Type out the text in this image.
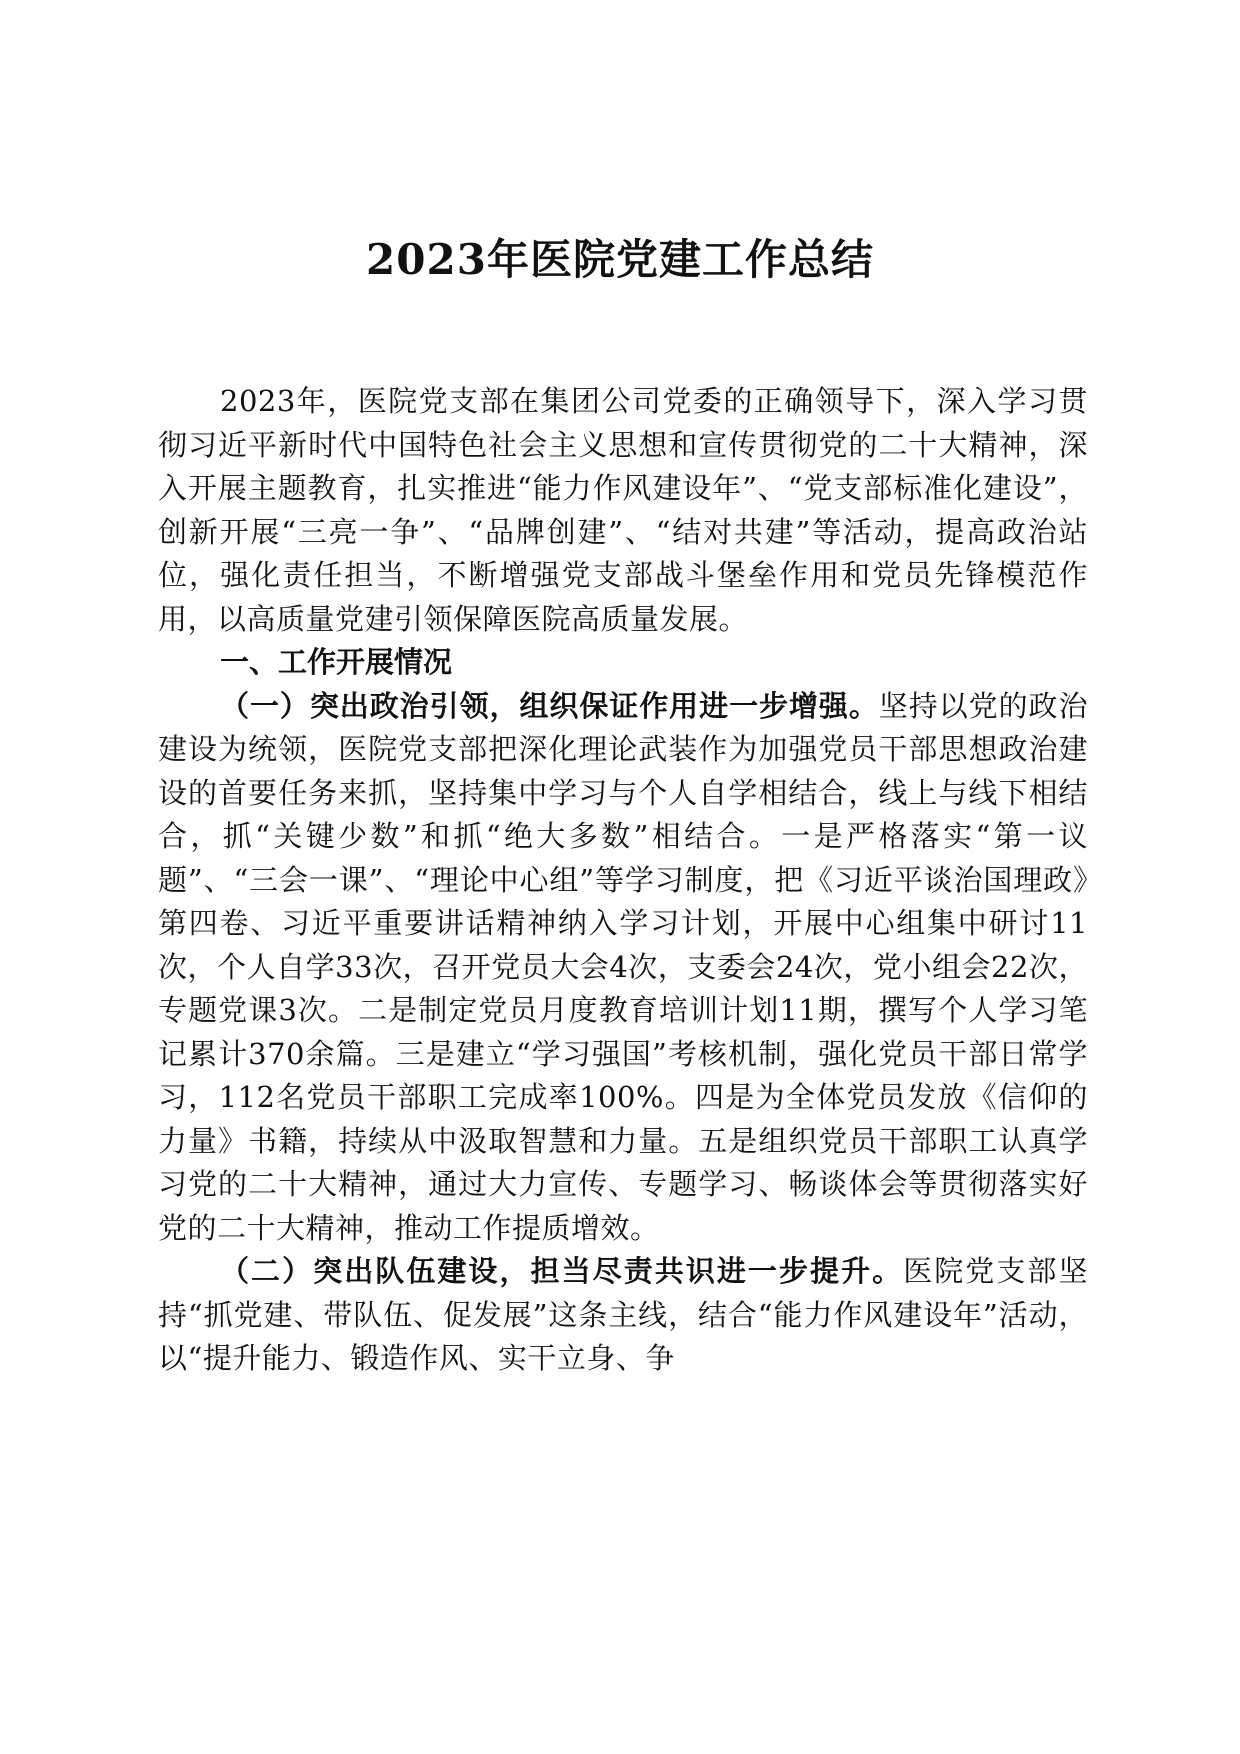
2023年医院党建工作总结

2023年，医院党支部在集团公司党委的正确领导下，深入学习贯彻习近平新时代中国特色社会主义思想和宣传贯彻党的二十大精神，深入开展主题教育，扎实推进“能力作风建设年”、“党支部标准化建设”，创新开展“三亮一争”、“品牌创建”、“结对共建”等活动，提高政治站位，强化责任担当，不断增强党支部战斗堡垒作用和党员先锋模范作用，以高质量党建引领保障医院高质量发展。

一、工作开展情况

（一）突出政治引领，组织保证作用进一步增强。坚持以党的政治建设为统领，医院党支部把深化理论武装作为加强党员干部思想政治建设的首要任务来抓，坚持集中学习与个人自学相结合，线上与线下相结合，抓“关键少数”和抓“绝大多数”相结合。一是严格落实“第一议题”、“三会一课”、“理论中心组”等学习制度，把《习近平谈治国理政》第四卷、习近平重要讲话精神纳入学习计划，开展中心组集中研讨11次，个人自学33次，召开党员大会4次，支委会24次，党小组会22次，专题党课3次。二是制定党员月度教育培训计划11期，撰写个人学习笔记累计370余篇。三是建立“学习强国”考核机制，强化党员干部日常学习，112名党员干部职工完成率100%。四是为全体党员发放《信仰的力量》书籍，持续从中汲取智慧和力量。五是组织党员干部职工认真学习党的二十大精神，通过大力宣传、专题学习、畅谈体会等贯彻落实好党的二十大精神，推动工作提质增效。

（二）突出队伍建设，担当尽责共识进一步提升。医院党支部坚持“抓党建、带队伍、促发展”这条主线，结合“能力作风建设年”活动，以“提升能力、锻造作风、实干立身、争
